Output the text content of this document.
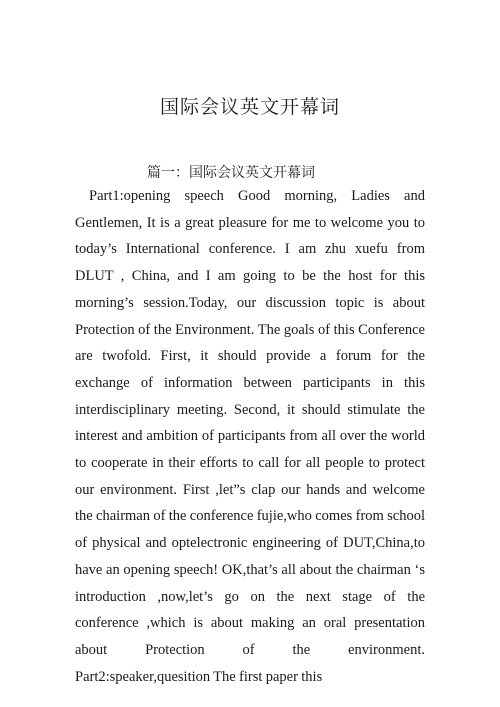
国际会议英文开幕词

篇一：国际会议英文开幕词

Part1:opening speech Good morning, Ladies and Gentlemen, It is a great pleasure for me to welcome you to today’s International conference. I am zhu xuefu from DLUT , China, and I am going to be the host for this morning’s session.Today, our discussion topic is about Protection of the Environment. The goals of this Conference are twofold. First, it should provide a forum for the exchange of information between participants in this interdisciplinary meeting. Second, it should stimulate the interest and ambition of participants from all over the world to cooperate in their efforts to call for all people to protect our environment. First ,let”s clap our hands and welcome the chairman of the conference fujie,who comes from school of physical and optelectronic engineering of DUT,China,to have an opening speech! OK,that’s all about the chairman ‘s introduction ,now,let’s go on the next stage of the conference ,which is about making an oral presentation about Protection of the environment. Part2:speaker,quesition The first paper this
